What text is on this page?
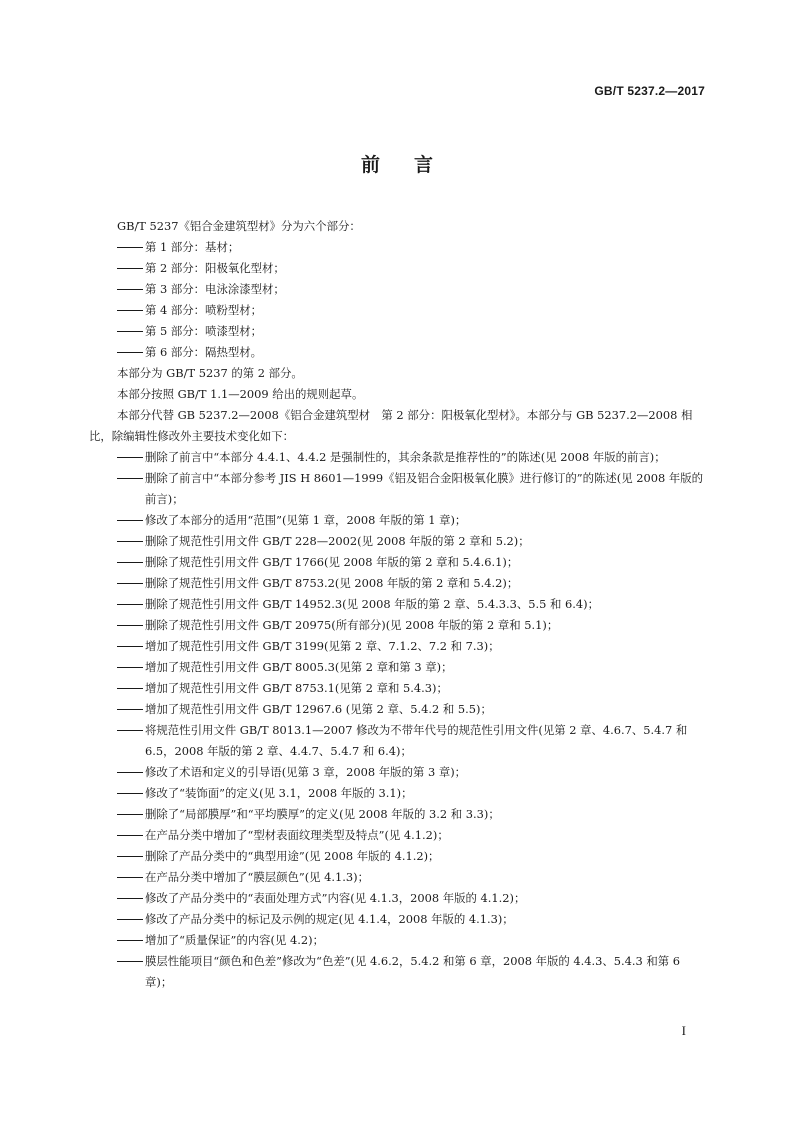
GB/T 5237.2—2017
前言

GB/T 5237《铝合金建筑型材》分为六个部分：

第 1 部分：基材；

第 2 部分：阳极氧化型材；

第 3 部分：电泳涂漆型材；

第 4 部分：喷粉型材；

第 5 部分：喷漆型材；

第 6 部分：隔热型材。

本部分为 GB/T 5237 的第 2 部分。

本部分按照 GB/T 1.1—2009 给出的规则起草。

本部分代替 GB 5237.2—2008《铝合金建筑型材　第 2 部分：阳极氧化型材》。本部分与 GB 5237.2—2008 相比，除编辑性修改外主要技术变化如下：

删除了前言中“本部分 4.4.1、4.4.2 是强制性的，其余条款是推荐性的”的陈述(见 2008 年版的前言)；

删除了前言中“本部分参考 JIS H 8601—1999《铝及铝合金阳极氧化膜》进行修订的”的陈述(见 2008 年版的前言)；

修改了本部分的适用“范围”(见第 1 章，2008 年版的第 1 章)；

删除了规范性引用文件 GB/T 228—2002(见 2008 年版的第 2 章和 5.2)；

删除了规范性引用文件 GB/T 1766(见 2008 年版的第 2 章和 5.4.6.1)；

删除了规范性引用文件 GB/T 8753.2(见 2008 年版的第 2 章和 5.4.2)；

删除了规范性引用文件 GB/T 14952.3(见 2008 年版的第 2 章、5.4.3.3、5.5 和 6.4)；

删除了规范性引用文件 GB/T 20975(所有部分)(见 2008 年版的第 2 章和 5.1)；

增加了规范性引用文件 GB/T 3199(见第 2 章、7.1.2、7.2 和 7.3)；

增加了规范性引用文件 GB/T 8005.3(见第 2 章和第 3 章)；

增加了规范性引用文件 GB/T 8753.1(见第 2 章和 5.4.3)；

增加了规范性引用文件 GB/T 12967.6 (见第 2 章、5.4.2 和 5.5)；

将规范性引用文件 GB/T 8013.1—2007 修改为不带年代号的规范性引用文件(见第 2 章、4.6.7、5.4.7 和 6.5，2008 年版的第 2 章、4.4.7、5.4.7 和 6.4)；

修改了术语和定义的引导语(见第 3 章，2008 年版的第 3 章)；

修改了“装饰面”的定义(见 3.1，2008 年版的 3.1)；

删除了“局部膜厚”和“平均膜厚”的定义(见 2008 年版的 3.2 和 3.3)；

在产品分类中增加了“型材表面纹理类型及特点”(见 4.1.2)；

删除了产品分类中的“典型用途”(见 2008 年版的 4.1.2)；

在产品分类中增加了“膜层颜色”(见 4.1.3)；

修改了产品分类中的“表面处理方式”内容(见 4.1.3，2008 年版的 4.1.2)；

修改了产品分类中的标记及示例的规定(见 4.1.4，2008 年版的 4.1.3)；

增加了“质量保证”的内容(见 4.2)；

膜层性能项目“颜色和色差”修改为“色差”(见 4.6.2，5.4.2 和第 6 章，2008 年版的 4.4.3、5.4.3 和第 6 章)；

I
